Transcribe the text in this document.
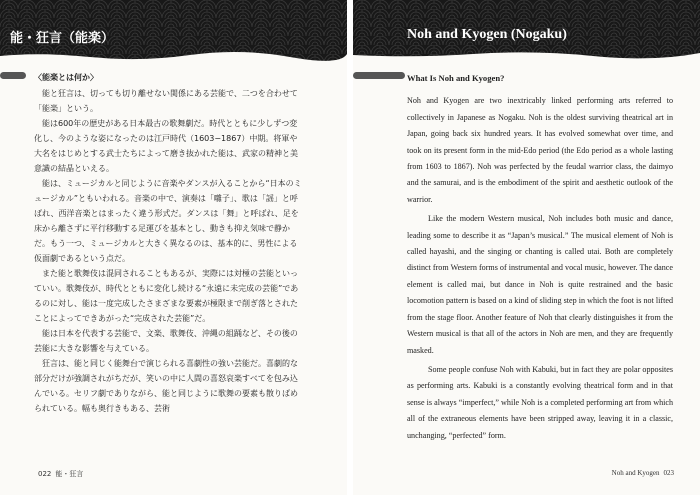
能・狂言（能楽）

〈能楽とは何か〉

能と狂言は、切っても切り離せない関係にある芸能で、二つを合わせて「能楽」という。

能は600年の歴史がある日本最古の歌舞劇だ。時代とともに少しずつ変化し、今のような姿になったのは江戸時代（1603−1867）中期。将軍や大名をはじめとする武士たちによって磨き抜かれた能は、武家の精神と美意識の結晶といえる。

能は、ミュージカルと同じように音楽やダンスが入ることから“日本のミュージカル”ともいわれる。音楽の中で、演奏は「囃子」、歌は「謡」と呼ばれ、西洋音楽とはまったく違う形式だ。ダンスは「舞」と呼ばれ、足を床から離さずに平行移動する足運びを基本とし、動きも抑え気味で静かだ。もう一つ、ミュージカルと大きく異なるのは、基本的に、男性による仮面劇であるという点だ。

また能と歌舞伎は混同されることもあるが、実際には対極の芸能といっていい。歌舞伎が、時代とともに変化し続ける“永遠に未完成の芸能”であるのに対し、能は一度完成したさまざまな要素が極限まで削ぎ落とされたことによってできあがった“完成された芸能”だ。

能は日本を代表する芸能で、文楽、歌舞伎、沖縄の組踊など、その後の芸能に大きな影響を与えている。

狂言は、能と同じく能舞台で演じられる喜劇性の強い芸能だ。喜劇的な部分だけが強調されがちだが、笑いの中に人間の喜怒哀楽すべてを包み込んでいる。セリフ劇でありながら、能と同じように歌舞の要素も散りばめられている。幅も奥行きもある、芸術

022 能・狂言
Noh and Kyogen (Nogaku)

What Is Noh and Kyogen?

Noh and Kyogen are two inextricably linked performing arts referred to collectively in Japanese as Nogaku. Noh is the oldest surviving theatrical art in Japan, going back six hundred years. It has evolved somewhat over time, and took on its present form in the mid-Edo period (the Edo period as a whole lasting from 1603 to 1867). Noh was perfected by the feudal warrior class, the daimyo and the samurai, and is the embodiment of the spirit and aesthetic outlook of the warrior.

Like the modern Western musical, Noh includes both music and dance, leading some to describe it as “Japan’s musical.” The musical element of Noh is called hayashi, and the singing or chanting is called utai. Both are completely distinct from Western forms of instrumental and vocal music, however. The dance element is called mai, but dance in Noh is quite restrained and the basic locomotion pattern is based on a kind of sliding step in which the foot is not lifted from the stage floor. Another feature of Noh that clearly distinguishes it from the Western musical is that all of the actors in Noh are men, and they are frequently masked.

Some people confuse Noh with Kabuki, but in fact they are polar opposites as performing arts. Kabuki is a constantly evolving theatrical form and in that sense is always “imperfect,” while Noh is a completed performing art from which all of the extraneous elements have been stripped away, leaving it in a classic, unchanging, “perfected” form.

Noh and Kyogen 023
